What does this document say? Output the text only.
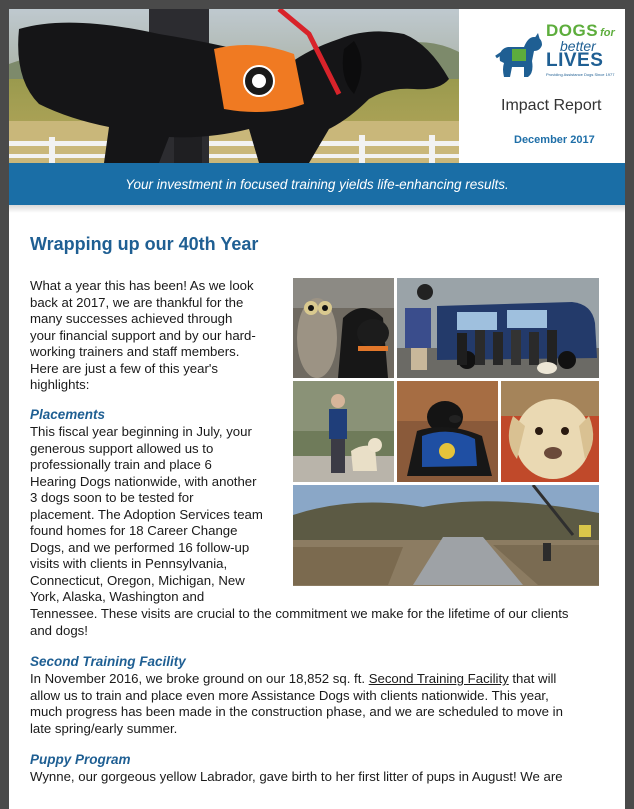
DOGS for
better
LIVES
Providing Assistance Dogs Since 1977
Impact Report
December 2017
Your investment in focused training yields life-enhancing results.
Wrapping up our 40th Year
What a year this has been! As we look
back at 2017, we are thankful for the
many successes achieved through
your financial support and by our hard-
working trainers and staff members.
Here are just a few of this year's
highlights:
Placements
This fiscal year beginning in July, your
generous support allowed us to
professionally train and place 6
Hearing Dogs nationwide, with another
3 dogs soon to be tested for
placement. The Adoption Services team
found homes for 18 Career Change
Dogs, and we performed 16 follow-up
visits with clients in Pennsylvania,
Connecticut, Oregon, Michigan, New
York, Alaska, Washington and
Tennessee. These visits are crucial to the commitment we make for the lifetime of our clients
and dogs!
Second Training Facility
In November 2016, we broke ground on our 18,852 sq. ft. Second Training Facility that will
allow us to train and place even more Assistance Dogs with clients nationwide. This year,
much progress has been made in the construction phase, and we are scheduled to move in
late spring/early summer.
Puppy Program
Wynne, our gorgeous yellow Labrador, gave birth to her first litter of pups in August! We are
